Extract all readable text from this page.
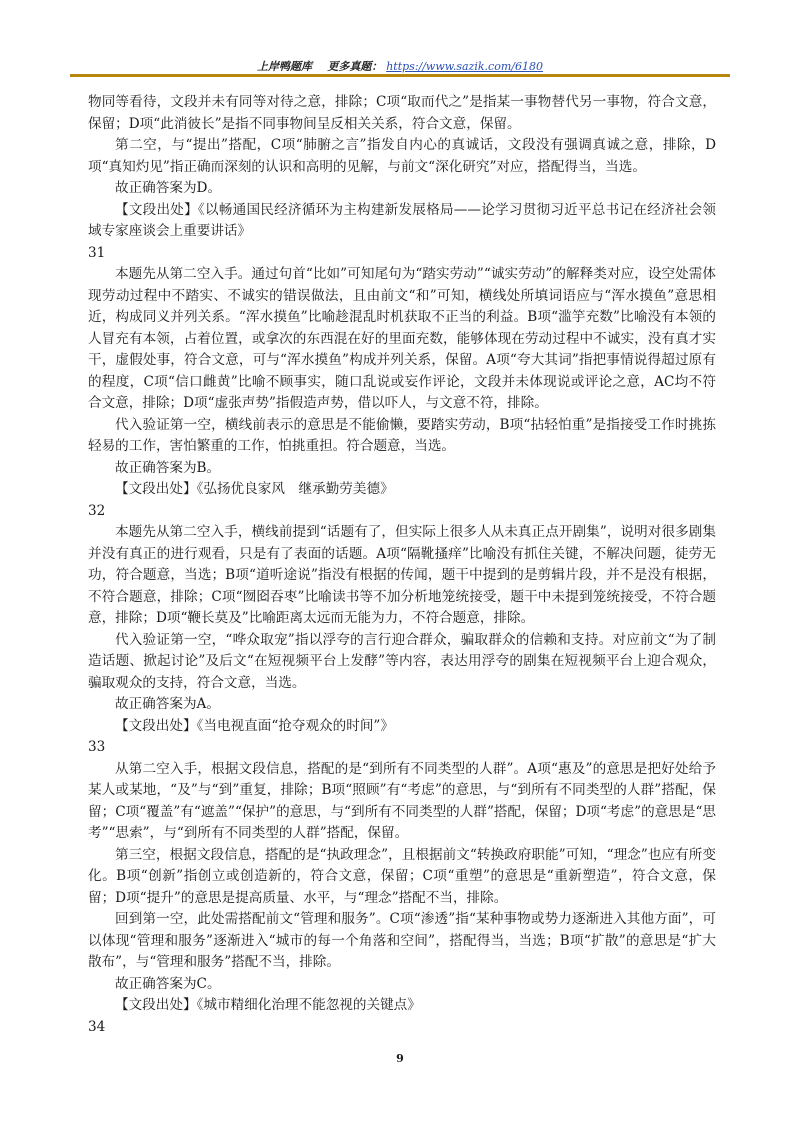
上岸鸭题库 更多真题： https://www.sazik.com/6180

物同等看待，文段并未有同等对待之意，排除；C项“取而代之”是指某一事物替代另一事物，符合文意，保留；D项“此消彼长”是指不同事物间呈反相关关系，符合文意，保留。

第二空，与“提出”搭配，C项“肺腑之言”指发自内心的真诚话，文段没有强调真诚之意，排除，D项“真知灼见”指正确而深刻的认识和高明的见解，与前文“深化研究”对应，搭配得当，当选。

故正确答案为D。

【文段出处】《以畅通国民经济循环为主构建新发展格局——论学习贯彻习近平总书记在经济社会领域专家座谈会上重要讲话》

31

本题先从第二空入手。通过句首“比如”可知尾句为“踏实劳动”“诚实劳动”的解释类对应，设空处需体现劳动过程中不踏实、不诚实的错误做法，且由前文“和”可知，横线处所填词语应与“浑水摸鱼”意思相近，构成同义并列关系。“浑水摸鱼”比喻趁混乱时机获取不正当的利益。B项“滥竽充数”比喻没有本领的人冒充有本领，占着位置，或拿次的东西混在好的里面充数，能够体现在劳动过程中不诚实，没有真才实干，虚假处事，符合文意，可与“浑水摸鱼”构成并列关系，保留。A项“夸大其词”指把事情说得超过原有的程度，C项“信口雌黄”比喻不顾事实，随口乱说或妄作评论，文段并未体现说或评论之意，AC均不符合文意，排除；D项“虚张声势”指假造声势，借以吓人，与文意不符，排除。

代入验证第一空，横线前表示的意思是不能偷懒，要踏实劳动，B项“拈轻怕重”是指接受工作时挑拣轻易的工作，害怕繁重的工作，怕挑重担。符合题意，当选。

故正确答案为B。

【文段出处】《弘扬优良家风　继承勤劳美德》

32

本题先从第二空入手，横线前提到“话题有了，但实际上很多人从未真正点开剧集”，说明对很多剧集并没有真正的进行观看，只是有了表面的话题。A项“隔靴搔痒”比喻没有抓住关键，不解决问题，徒劳无功，符合题意，当选；B项“道听途说”指没有根据的传闻，题干中提到的是剪辑片段，并不是没有根据，不符合题意，排除；C项“囫囵吞枣”比喻读书等不加分析地笼统接受，题干中未提到笼统接受，不符合题意，排除；D项“鞭长莫及”比喻距离太远而无能为力，不符合题意，排除。

代入验证第一空，“哗众取宠”指以浮夸的言行迎合群众，骗取群众的信赖和支持。对应前文“为了制造话题、掀起讨论”及后文“在短视频平台上发酵”等内容，表达用浮夸的剧集在短视频平台上迎合观众，骗取观众的支持，符合文意，当选。

故正确答案为A。

【文段出处】《当电视直面“抢夺观众的时间”》

33

从第二空入手，根据文段信息，搭配的是“到所有不同类型的人群”。A项“惠及”的意思是把好处给予某人或某地，“及”与“到”重复，排除；B项“照顾”有“考虑”的意思，与“到所有不同类型的人群”搭配，保留；C项“覆盖”有“遮盖”“保护”的意思，与“到所有不同类型的人群”搭配，保留；D项“考虑”的意思是“思考”“思索”，与“到所有不同类型的人群”搭配，保留。

第三空，根据文段信息，搭配的是“执政理念”，且根据前文“转换政府职能”可知，“理念”也应有所变化。B项“创新”指创立或创造新的，符合文意，保留；C项“重塑”的意思是“重新塑造”，符合文意，保留；D项“提升”的意思是提高质量、水平，与“理念”搭配不当，排除。

回到第一空，此处需搭配前文“管理和服务”。C项“渗透”指“某种事物或势力逐渐进入其他方面”，可以体现“管理和服务”逐渐进入“城市的每一个角落和空间”，搭配得当，当选；B项“扩散”的意思是“扩大散布”，与“管理和服务”搭配不当，排除。

故正确答案为C。

【文段出处】《城市精细化治理不能忽视的关键点》

34

9
